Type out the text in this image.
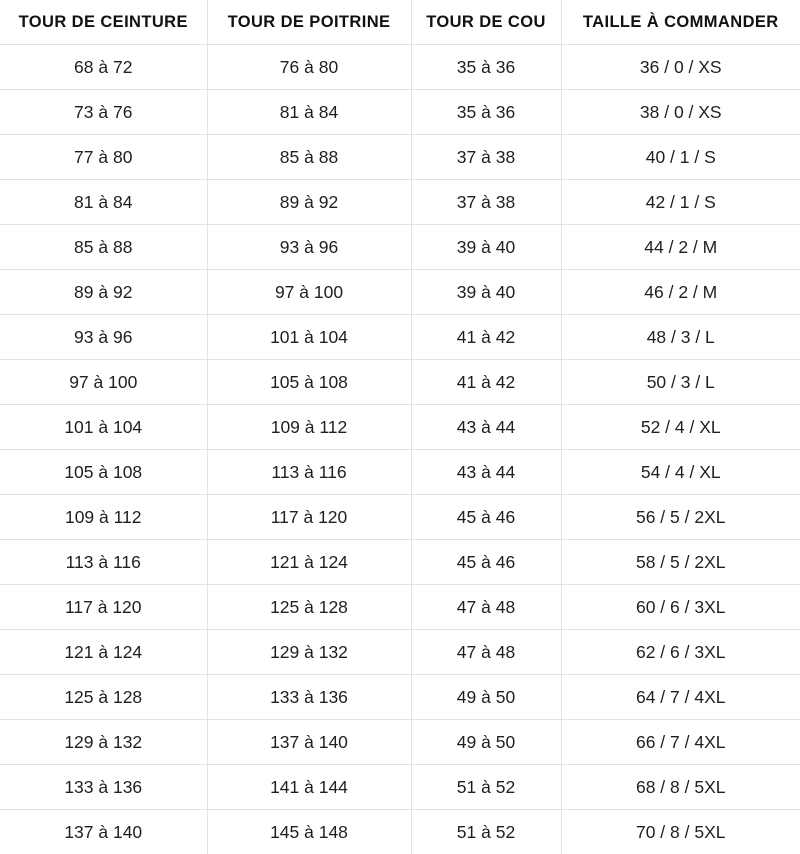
TOUR DE CEINTURE	TOUR DE POITRINE	TOUR DE COU	TAILLE À COMMANDER
68 à 72	76 à 80	35 à 36	36 / 0 / XS
73 à 76	81 à 84	35 à 36	38 / 0 / XS
77 à 80	85 à 88	37 à 38	40 / 1 / S
81 à 84	89 à 92	37 à 38	42 / 1 / S
85 à 88	93 à 96	39 à 40	44 / 2 / M
89 à 92	97 à 100	39 à 40	46 / 2 / M
93 à 96	101 à 104	41 à 42	48 / 3 / L
97 à 100	105 à 108	41 à 42	50 / 3 / L
101 à 104	109 à 112	43 à 44	52 / 4 / XL
105 à 108	113 à 116	43 à 44	54 / 4 / XL
109 à 112	117 à 120	45 à 46	56 / 5 / 2XL
113 à 116	121 à 124	45 à 46	58 / 5 / 2XL
117 à 120	125 à 128	47 à 48	60 / 6 / 3XL
121 à 124	129 à 132	47 à 48	62 / 6 / 3XL
125 à 128	133 à 136	49 à 50	64 / 7 / 4XL
129 à 132	137 à 140	49 à 50	66 / 7 / 4XL
133 à 136	141 à 144	51 à 52	68 / 8 / 5XL
137 à 140	145 à 148	51 à 52	70 / 8 / 5XL
